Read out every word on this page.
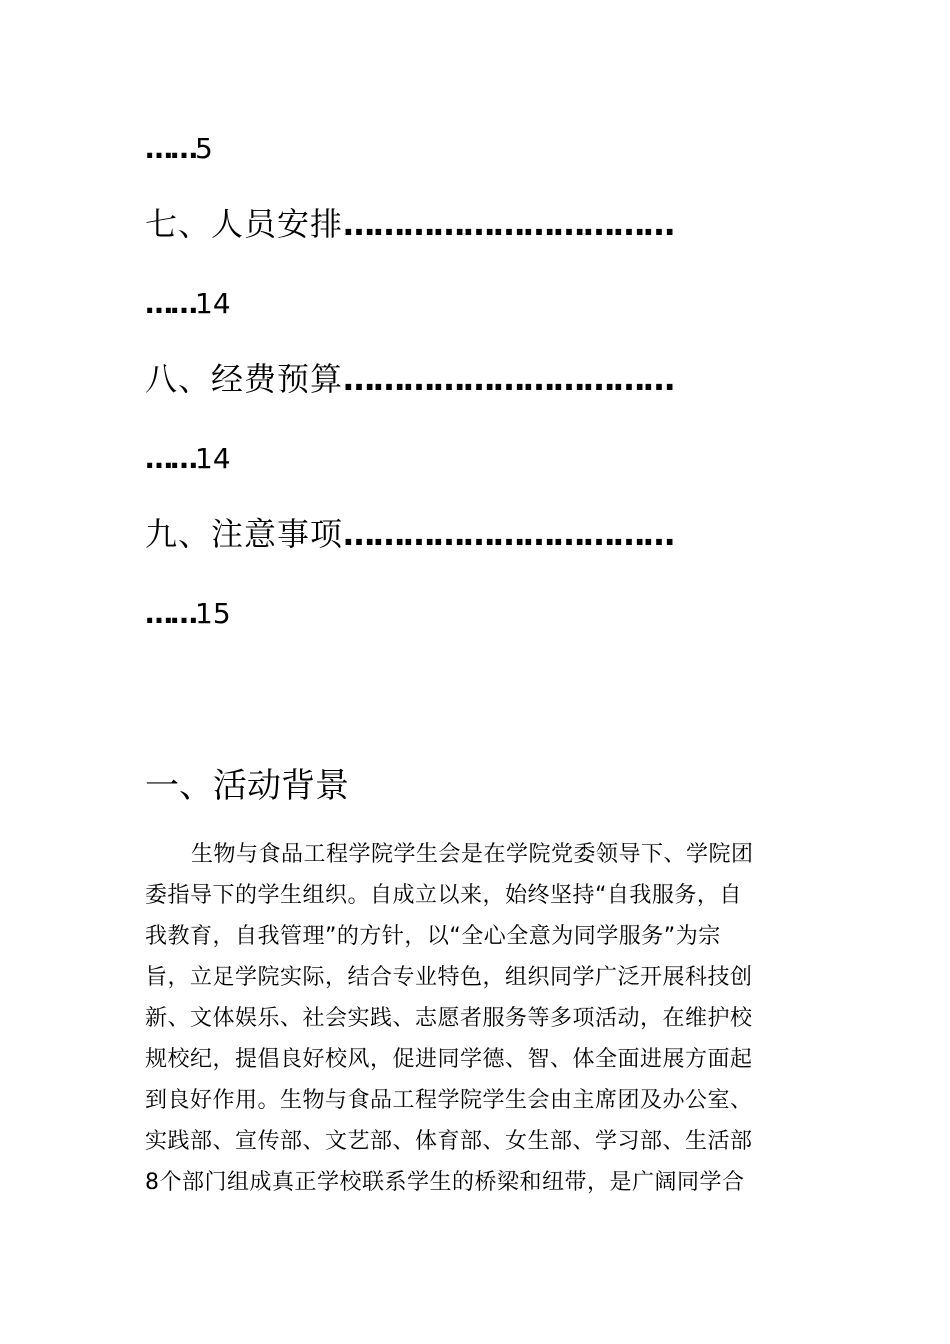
……5
七、人员安排……………………………
……14
八、经费预算……………………………
……14
九、注意事项……………………………
……15
一、活动背景
生物与食品工程学院学生会是在学院党委领导下、学院团
委指导下的学生组织。自成立以来，始终坚持“自我服务，自
我教育，自我管理”的方针，以“全心全意为同学服务”为宗
旨，立足学院实际，结合专业特色，组织同学广泛开展科技创
新、文体娱乐、社会实践、志愿者服务等多项活动，在维护校
规校纪，提倡良好校风，促进同学德、智、体全面进展方面起
到良好作用。生物与食品工程学院学生会由主席团及办公室、
实践部、宣传部、文艺部、体育部、女生部、学习部、生活部
8个部门组成真正学校联系学生的桥梁和纽带，是广阔同学合
